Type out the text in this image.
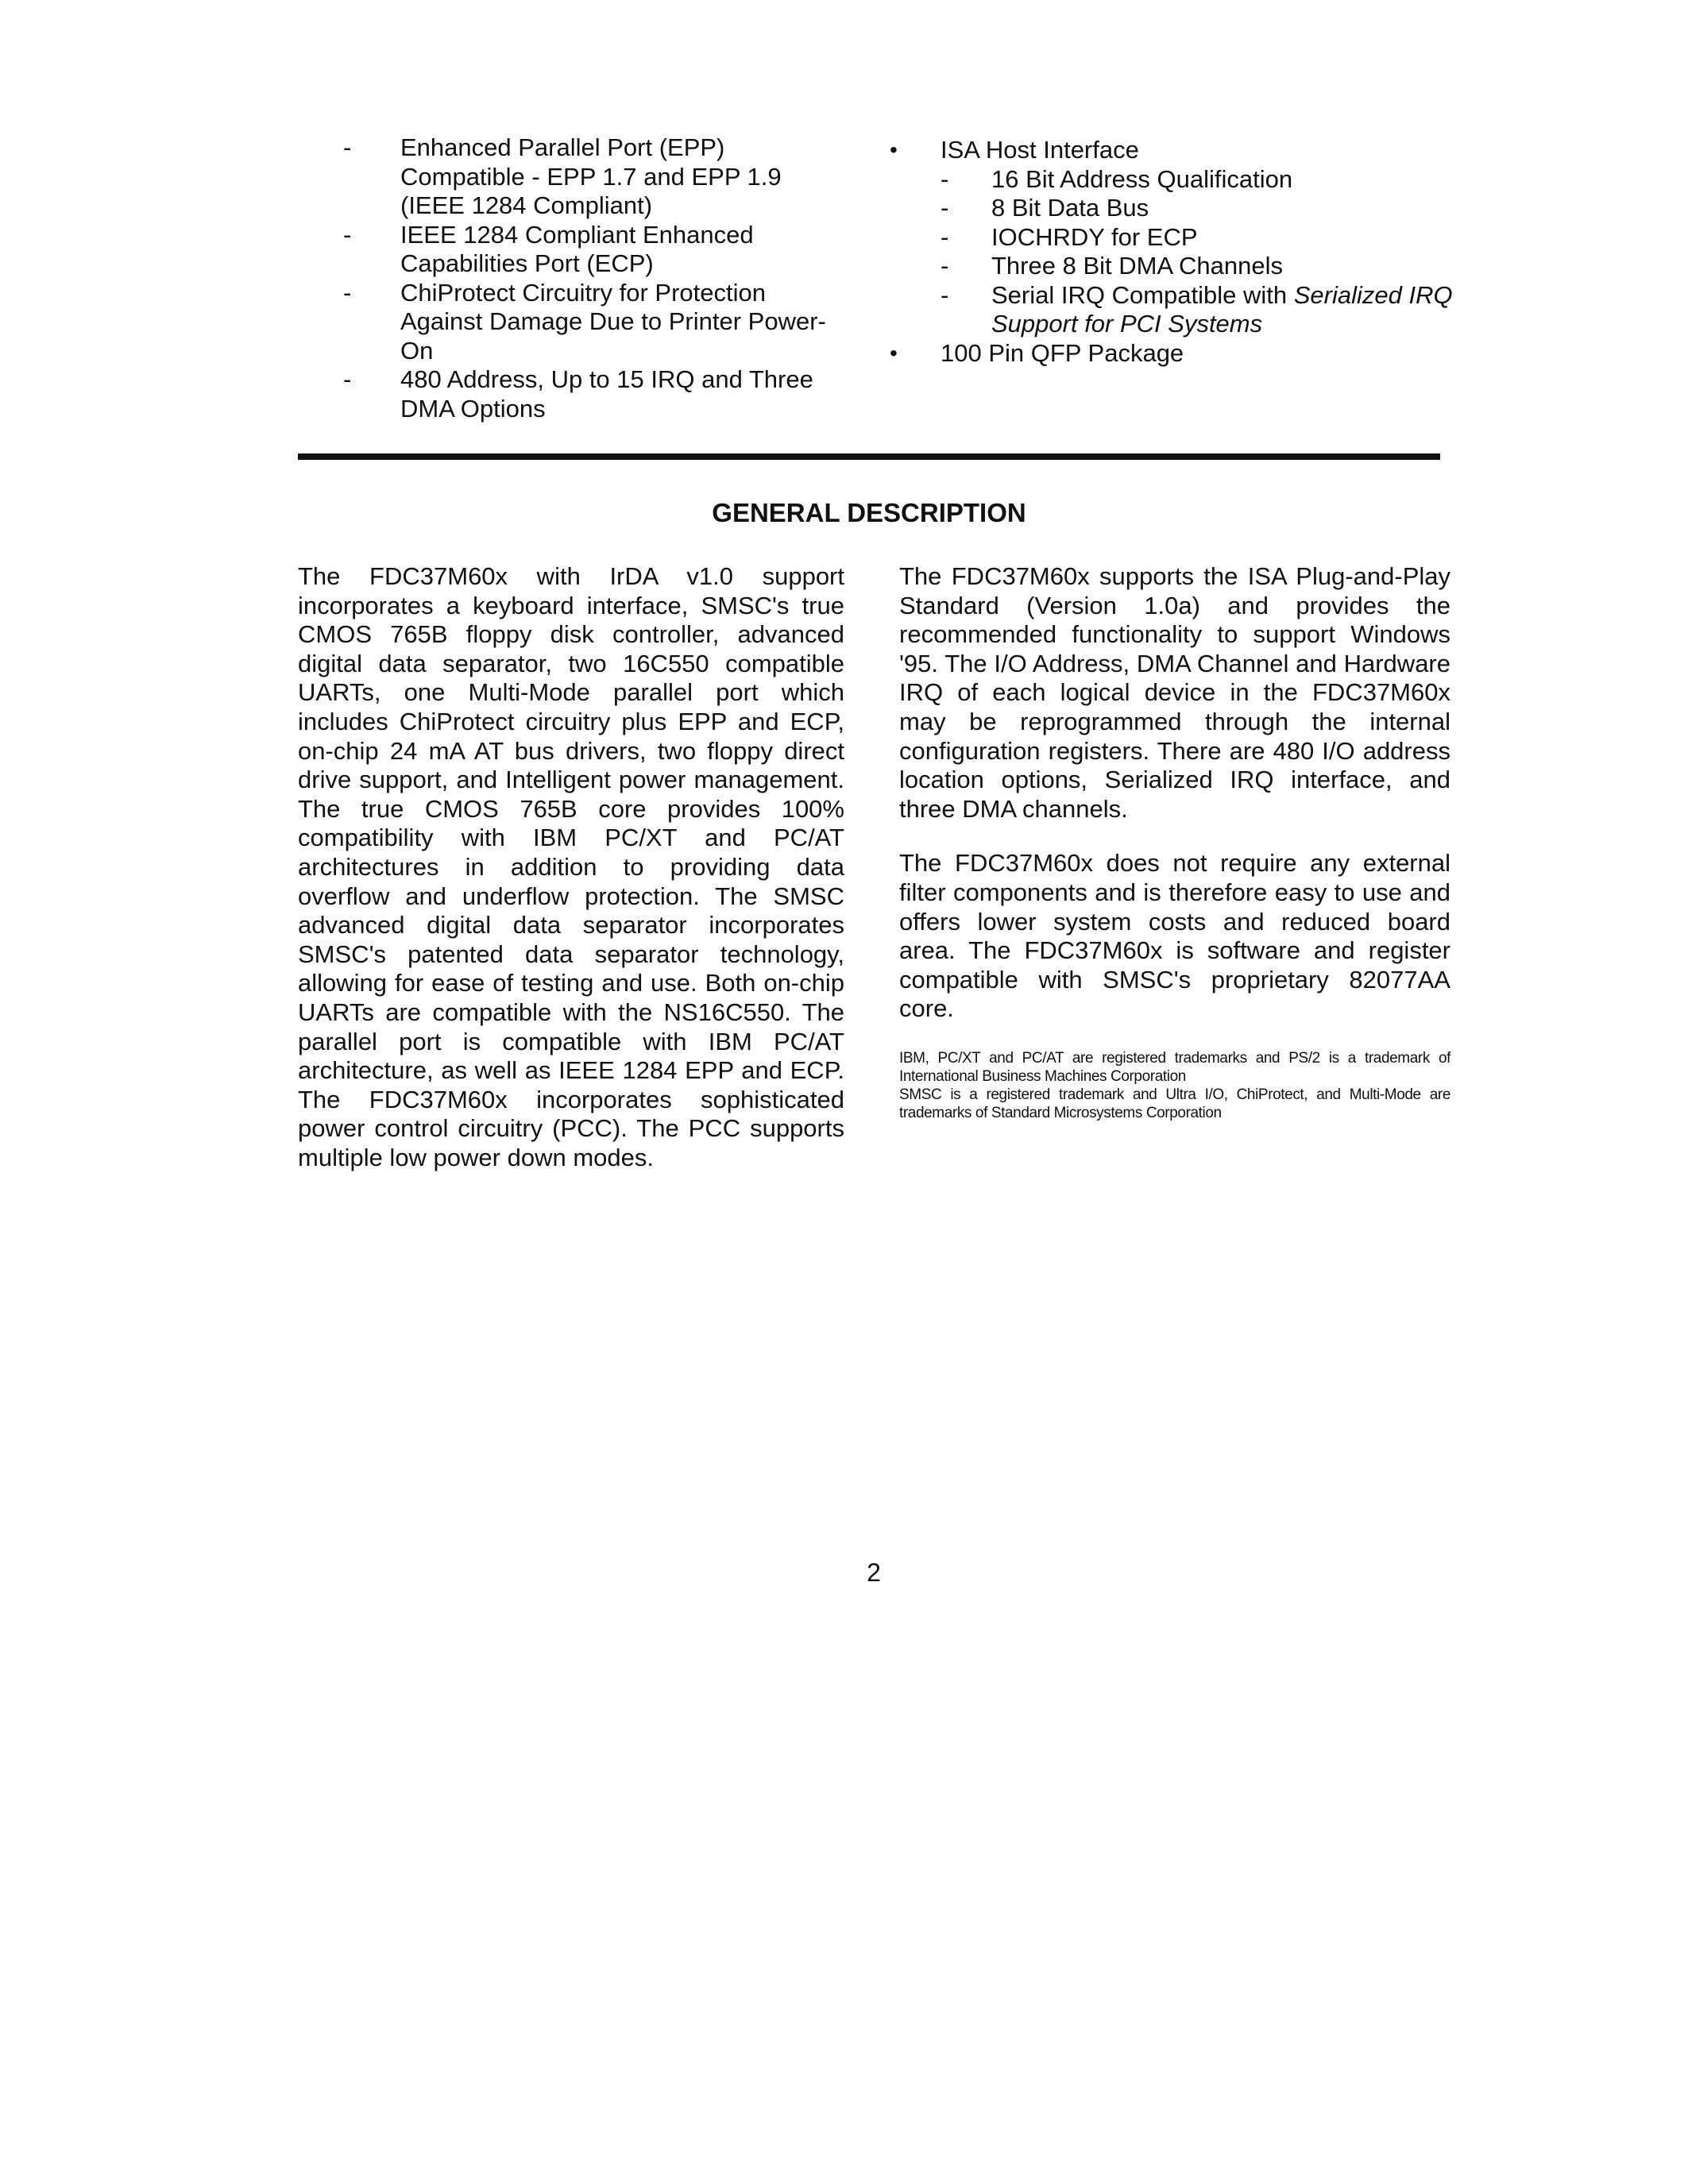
- Enhanced Parallel Port (EPP) Compatible - EPP 1.7 and EPP 1.9 (IEEE 1284 Compliant)
- IEEE 1284 Compliant Enhanced Capabilities Port (ECP)
- ChiProtect Circuitry for Protection Against Damage Due to Printer Power-On
- 480 Address, Up to 15 IRQ and Three DMA Options
• ISA Host Interface
- 16 Bit Address Qualification
- 8 Bit Data Bus
- IOCHRDY for ECP
- Three 8 Bit DMA Channels
- Serial IRQ Compatible with Serialized IRQ Support for PCI Systems
• 100 Pin QFP Package
GENERAL DESCRIPTION

The FDC37M60x with IrDA v1.0 support incorporates a keyboard interface, SMSC's true CMOS 765B floppy disk controller, advanced digital data separator, two 16C550 compatible UARTs, one Multi-Mode parallel port which includes ChiProtect circuitry plus EPP and ECP, on-chip 24 mA AT bus drivers, two floppy direct drive support, and Intelligent power management. The true CMOS 765B core provides 100% compatibility with IBM PC/XT and PC/AT architectures in addition to providing data overflow and underflow protection. The SMSC advanced digital data separator incorporates SMSC's patented data separator technology, allowing for ease of testing and use. Both on-chip UARTs are compatible with the NS16C550. The parallel port is compatible with IBM PC/AT architecture, as well as IEEE 1284 EPP and ECP. The FDC37M60x incorporates sophisticated power control circuitry (PCC). The PCC supports multiple low power down modes.

The FDC37M60x supports the ISA Plug-and-Play Standard (Version 1.0a) and provides the recommended functionality to support Windows '95. The I/O Address, DMA Channel and Hardware IRQ of each logical device in the FDC37M60x may be reprogrammed through the internal configuration registers. There are 480 I/O address location options, Serialized IRQ interface, and three DMA channels.

The FDC37M60x does not require any external filter components and is therefore easy to use and offers lower system costs and reduced board area. The FDC37M60x is software and register compatible with SMSC's proprietary 82077AA core.

IBM, PC/XT and PC/AT are registered trademarks and PS/2 is a trademark of International Business Machines Corporation
SMSC is a registered trademark and Ultra I/O, ChiProtect, and Multi-Mode are trademarks of Standard Microsystems Corporation
2
